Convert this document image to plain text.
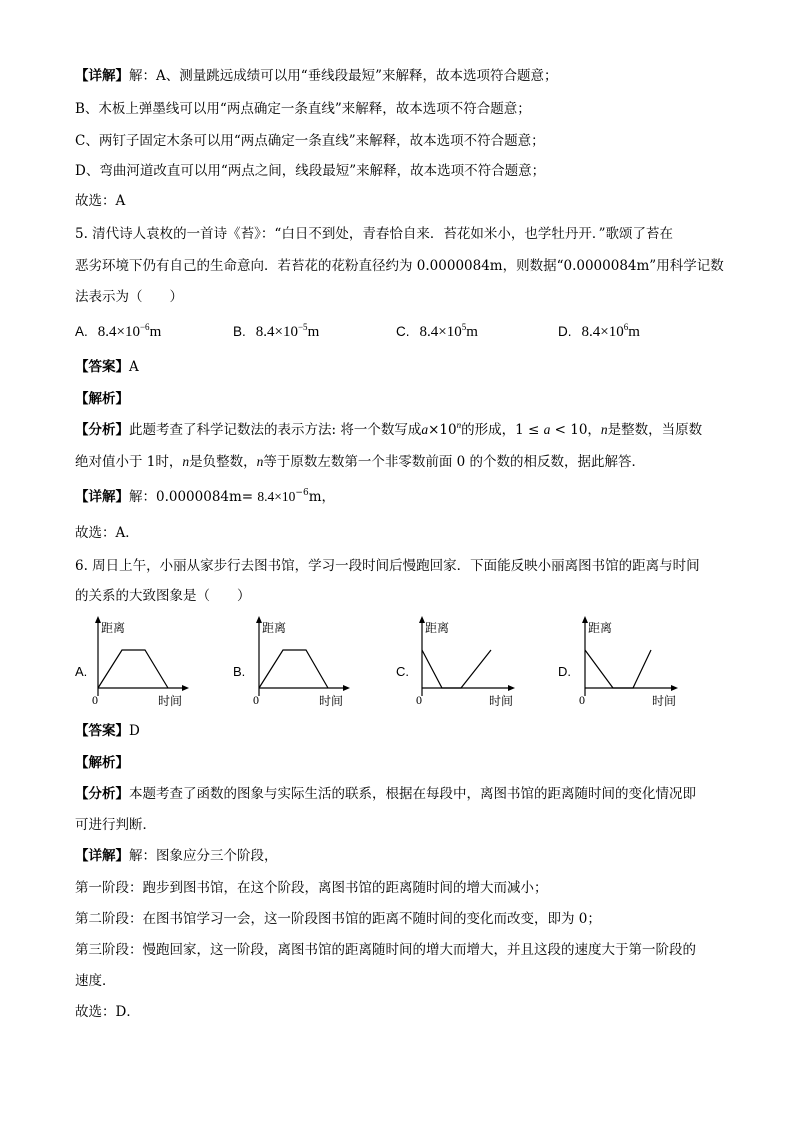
【详解】解：A、测量跳远成绩可以用“垂线段最短”来解释，故本选项符合题意；
B、木板上弹墨线可以用“两点确定一条直线”来解释，故本选项不符合题意；
C、两钉子固定木条可以用“两点确定一条直线”来解释，故本选项不符合题意；
D、弯曲河道改直可以用“两点之间，线段最短”来解释，故本选项不符合题意；
故选：A
5. 清代诗人袁枚的一首诗《苔》：“白日不到处，青春恰自来．苔花如米小，也学牡丹开．”歌颂了苔在
恶劣环境下仍有自己的生命意向．若苔花的花粉直径约为 0.0000084m，则数据“0.0000084m”用科学记数
法表示为（　　）
A. $8.4\times 10^{-6}m$	B. $8.4\times 10^{-5}m$	C. $8.4\times 10^5m$	D. $8.4\times 10^6m$
【答案】A
【解析】
【分析】此题考查了科学记数法的表示方法: 将一个数写成$a\times 10^n$的形成，1 ≤ a < 10，n是整数，当原数
绝对值小于 1时，n是负整数，n等于原数左数第一个非零数前面 0 的个数的相反数，据此解答．
【详解】解：$0.0000084m= 8.4\times 10^{-6}m$，
故选：A．
6. 周日上午，小丽从家步行去图书馆，学习一段时间后慢跑回家．下面能反映小丽离图书馆的距离与时间
的关系的大致图象是（　　）
A.
距离
0	时间
B.
距离
0	时间
C.
距离
0	时间
D.
距离
0	时间
【答案】D
【解析】
【分析】本题考查了函数的图象与实际生活的联系，根据在每段中，离图书馆的距离随时间的变化情况即
可进行判断．
【详解】解：图象应分三个阶段，
第一阶段：跑步到图书馆，在这个阶段，离图书馆的距离随时间的增大而减小；
第二阶段：在图书馆学习一会，这一阶段图书馆的距离不随时间的变化而改变，即为 0；
第三阶段：慢跑回家，这一阶段，离图书馆的距离随时间的增大而增大，并且这段的速度大于第一阶段的
速度．
故选：D．
